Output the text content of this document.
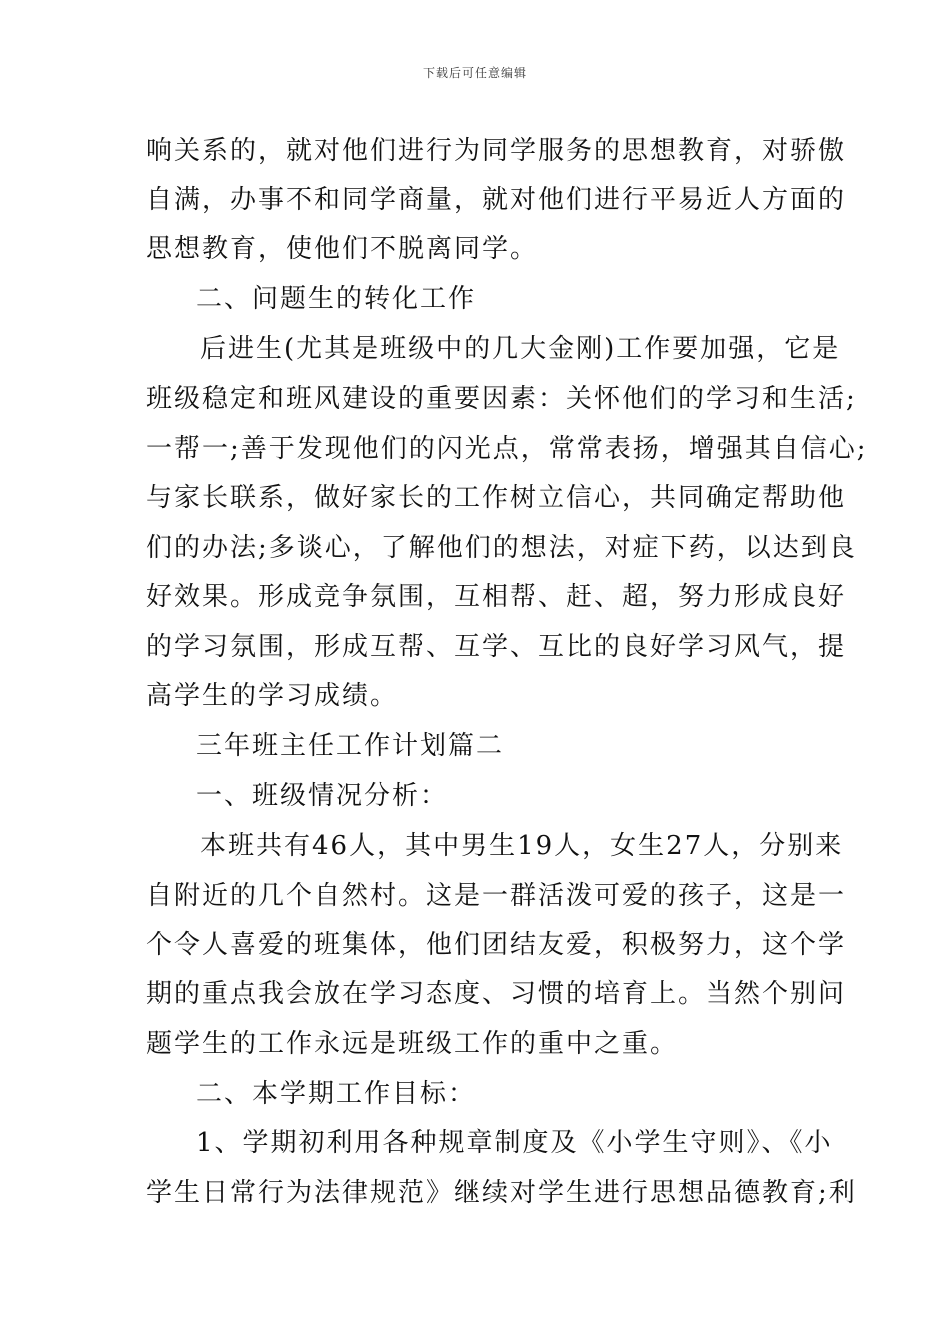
下载后可任意编辑
响关系的，就对他们进行为同学服务的思想教育，对骄傲
自满，办事不和同学商量，就对他们进行平易近人方面的
思想教育，使他们不脱离同学。
二、问题生的转化工作
后进生(尤其是班级中的几大金刚)工作要加强，它是
班级稳定和班风建设的重要因素：关怀他们的学习和生活;
一帮一;善于发现他们的闪光点，常常表扬，增强其自信心;
与家长联系，做好家长的工作树立信心，共同确定帮助他
们的办法;多谈心，了解他们的想法，对症下药，以达到良
好效果。形成竞争氛围，互相帮、赶、超，努力形成良好
的学习氛围，形成互帮、互学、互比的良好学习风气，提
高学生的学习成绩。
三年班主任工作计划篇二
一、班级情况分析：
本班共有46人，其中男生19人，女生27人，分别来
自附近的几个自然村。这是一群活泼可爱的孩子，这是一
个令人喜爱的班集体，他们团结友爱，积极努力，这个学
期的重点我会放在学习态度、习惯的培育上。当然个别问
题学生的工作永远是班级工作的重中之重。
二、本学期工作目标：
1、学期初利用各种规章制度及《小学生守则》、《小
学生日常行为法律规范》继续对学生进行思想品德教育;利
